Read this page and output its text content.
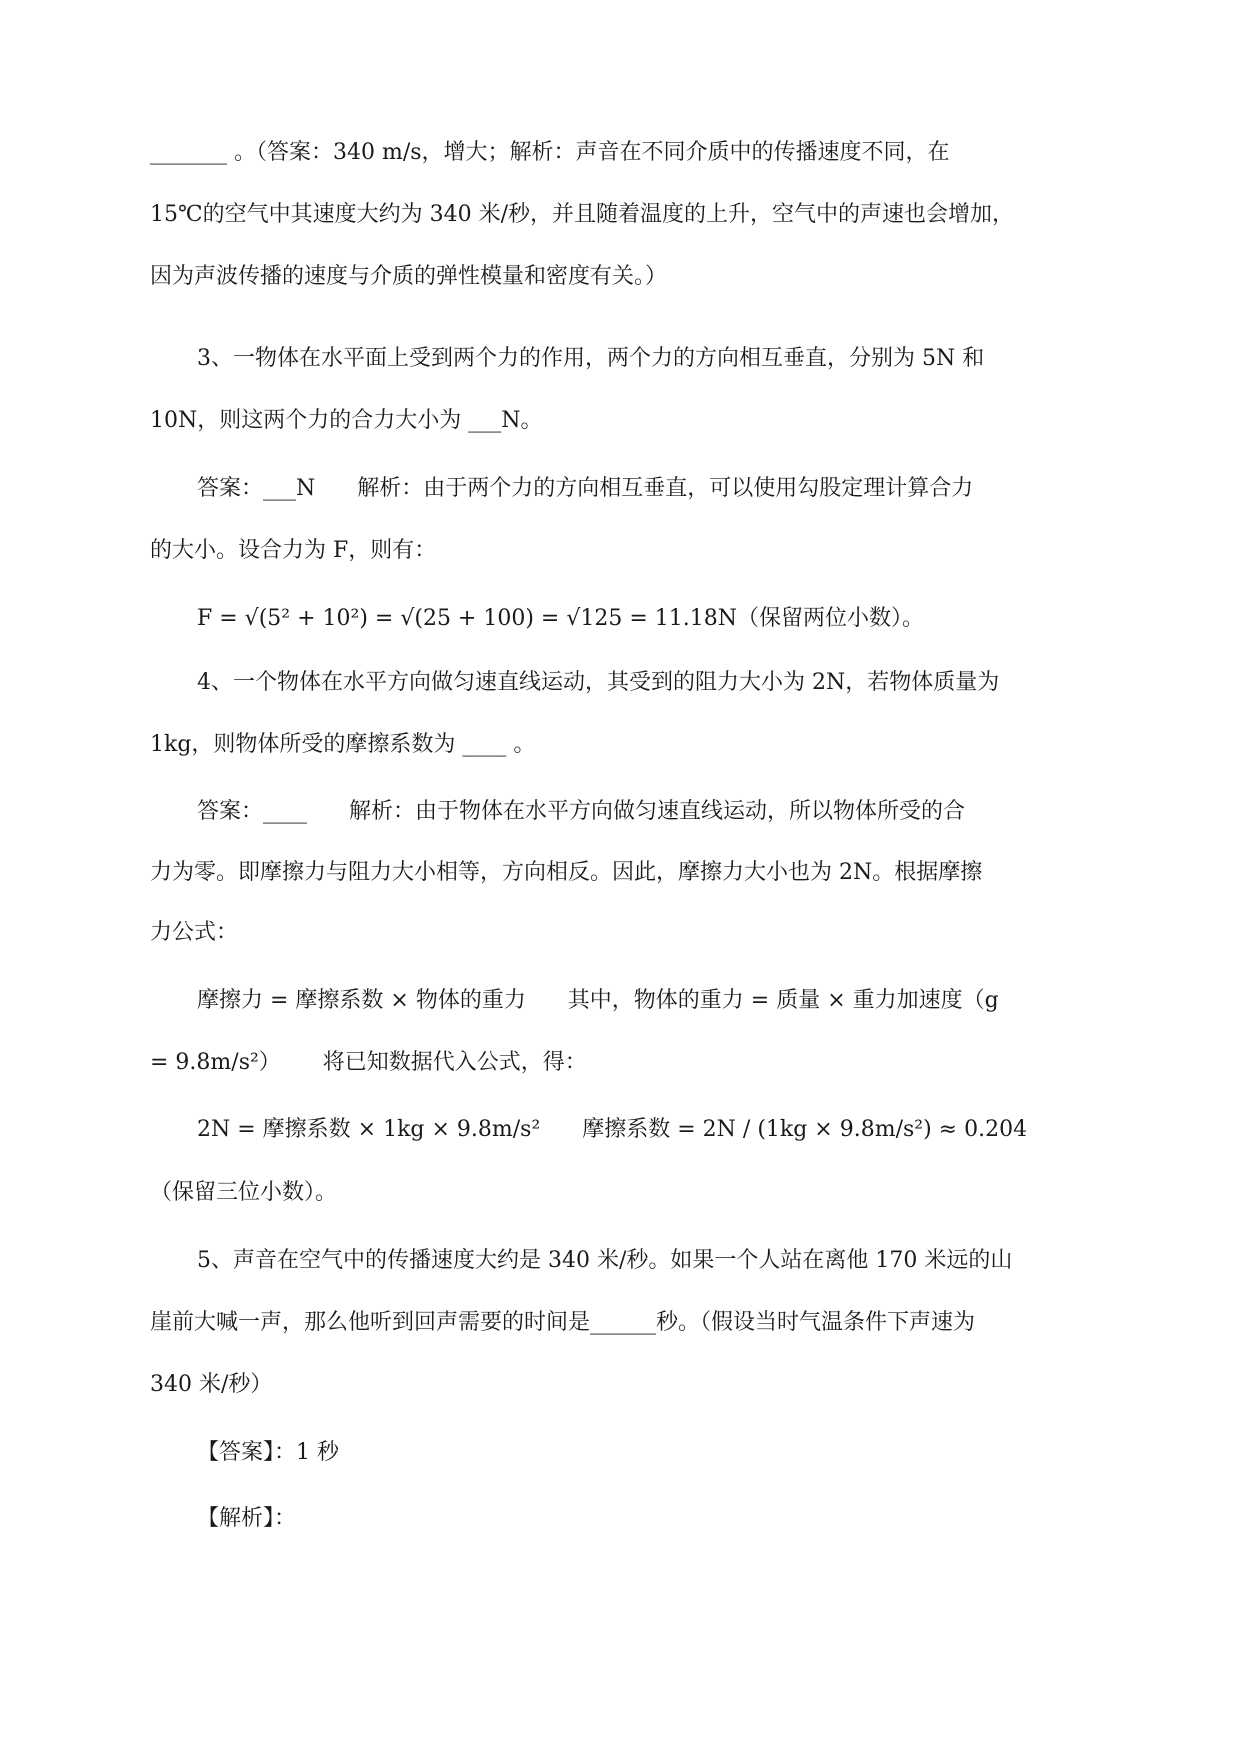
_______ 。（答案：340 m/s，增大；解析：声音在不同介质中的传播速度不同，在
15℃的空气中其速度大约为 340 米/秒，并且随着温度的上升，空气中的声速也会增加，
因为声波传播的速度与介质的弹性模量和密度有关。）
3、一物体在水平面上受到两个力的作用，两个力的方向相互垂直，分别为 5N 和
10N，则这两个力的合力大小为 ___N。
答案：___N      解析：由于两个力的方向相互垂直，可以使用勾股定理计算合力
的大小。设合力为 F，则有：
F = √(5² + 10²) = √(25 + 100) = √125 = 11.18N（保留两位小数）。
4、一个物体在水平方向做匀速直线运动，其受到的阻力大小为 2N，若物体质量为
1kg，则物体所受的摩擦系数为 ____ 。
答案：____      解析：由于物体在水平方向做匀速直线运动，所以物体所受的合
力为零。即摩擦力与阻力大小相等，方向相反。因此，摩擦力大小也为 2N。根据摩擦
力公式：
摩擦力 = 摩擦系数 × 物体的重力      其中，物体的重力 = 质量 × 重力加速度（g
= 9.8m/s²）      将已知数据代入公式，得：
2N = 摩擦系数 × 1kg × 9.8m/s²      摩擦系数 = 2N / (1kg × 9.8m/s²) ≈ 0.204
（保留三位小数）。
5、声音在空气中的传播速度大约是 340 米/秒。如果一个人站在离他 170 米远的山
崖前大喊一声，那么他听到回声需要的时间是______秒。（假设当时气温条件下声速为
340 米/秒）
【答案】：1 秒
【解析】：
